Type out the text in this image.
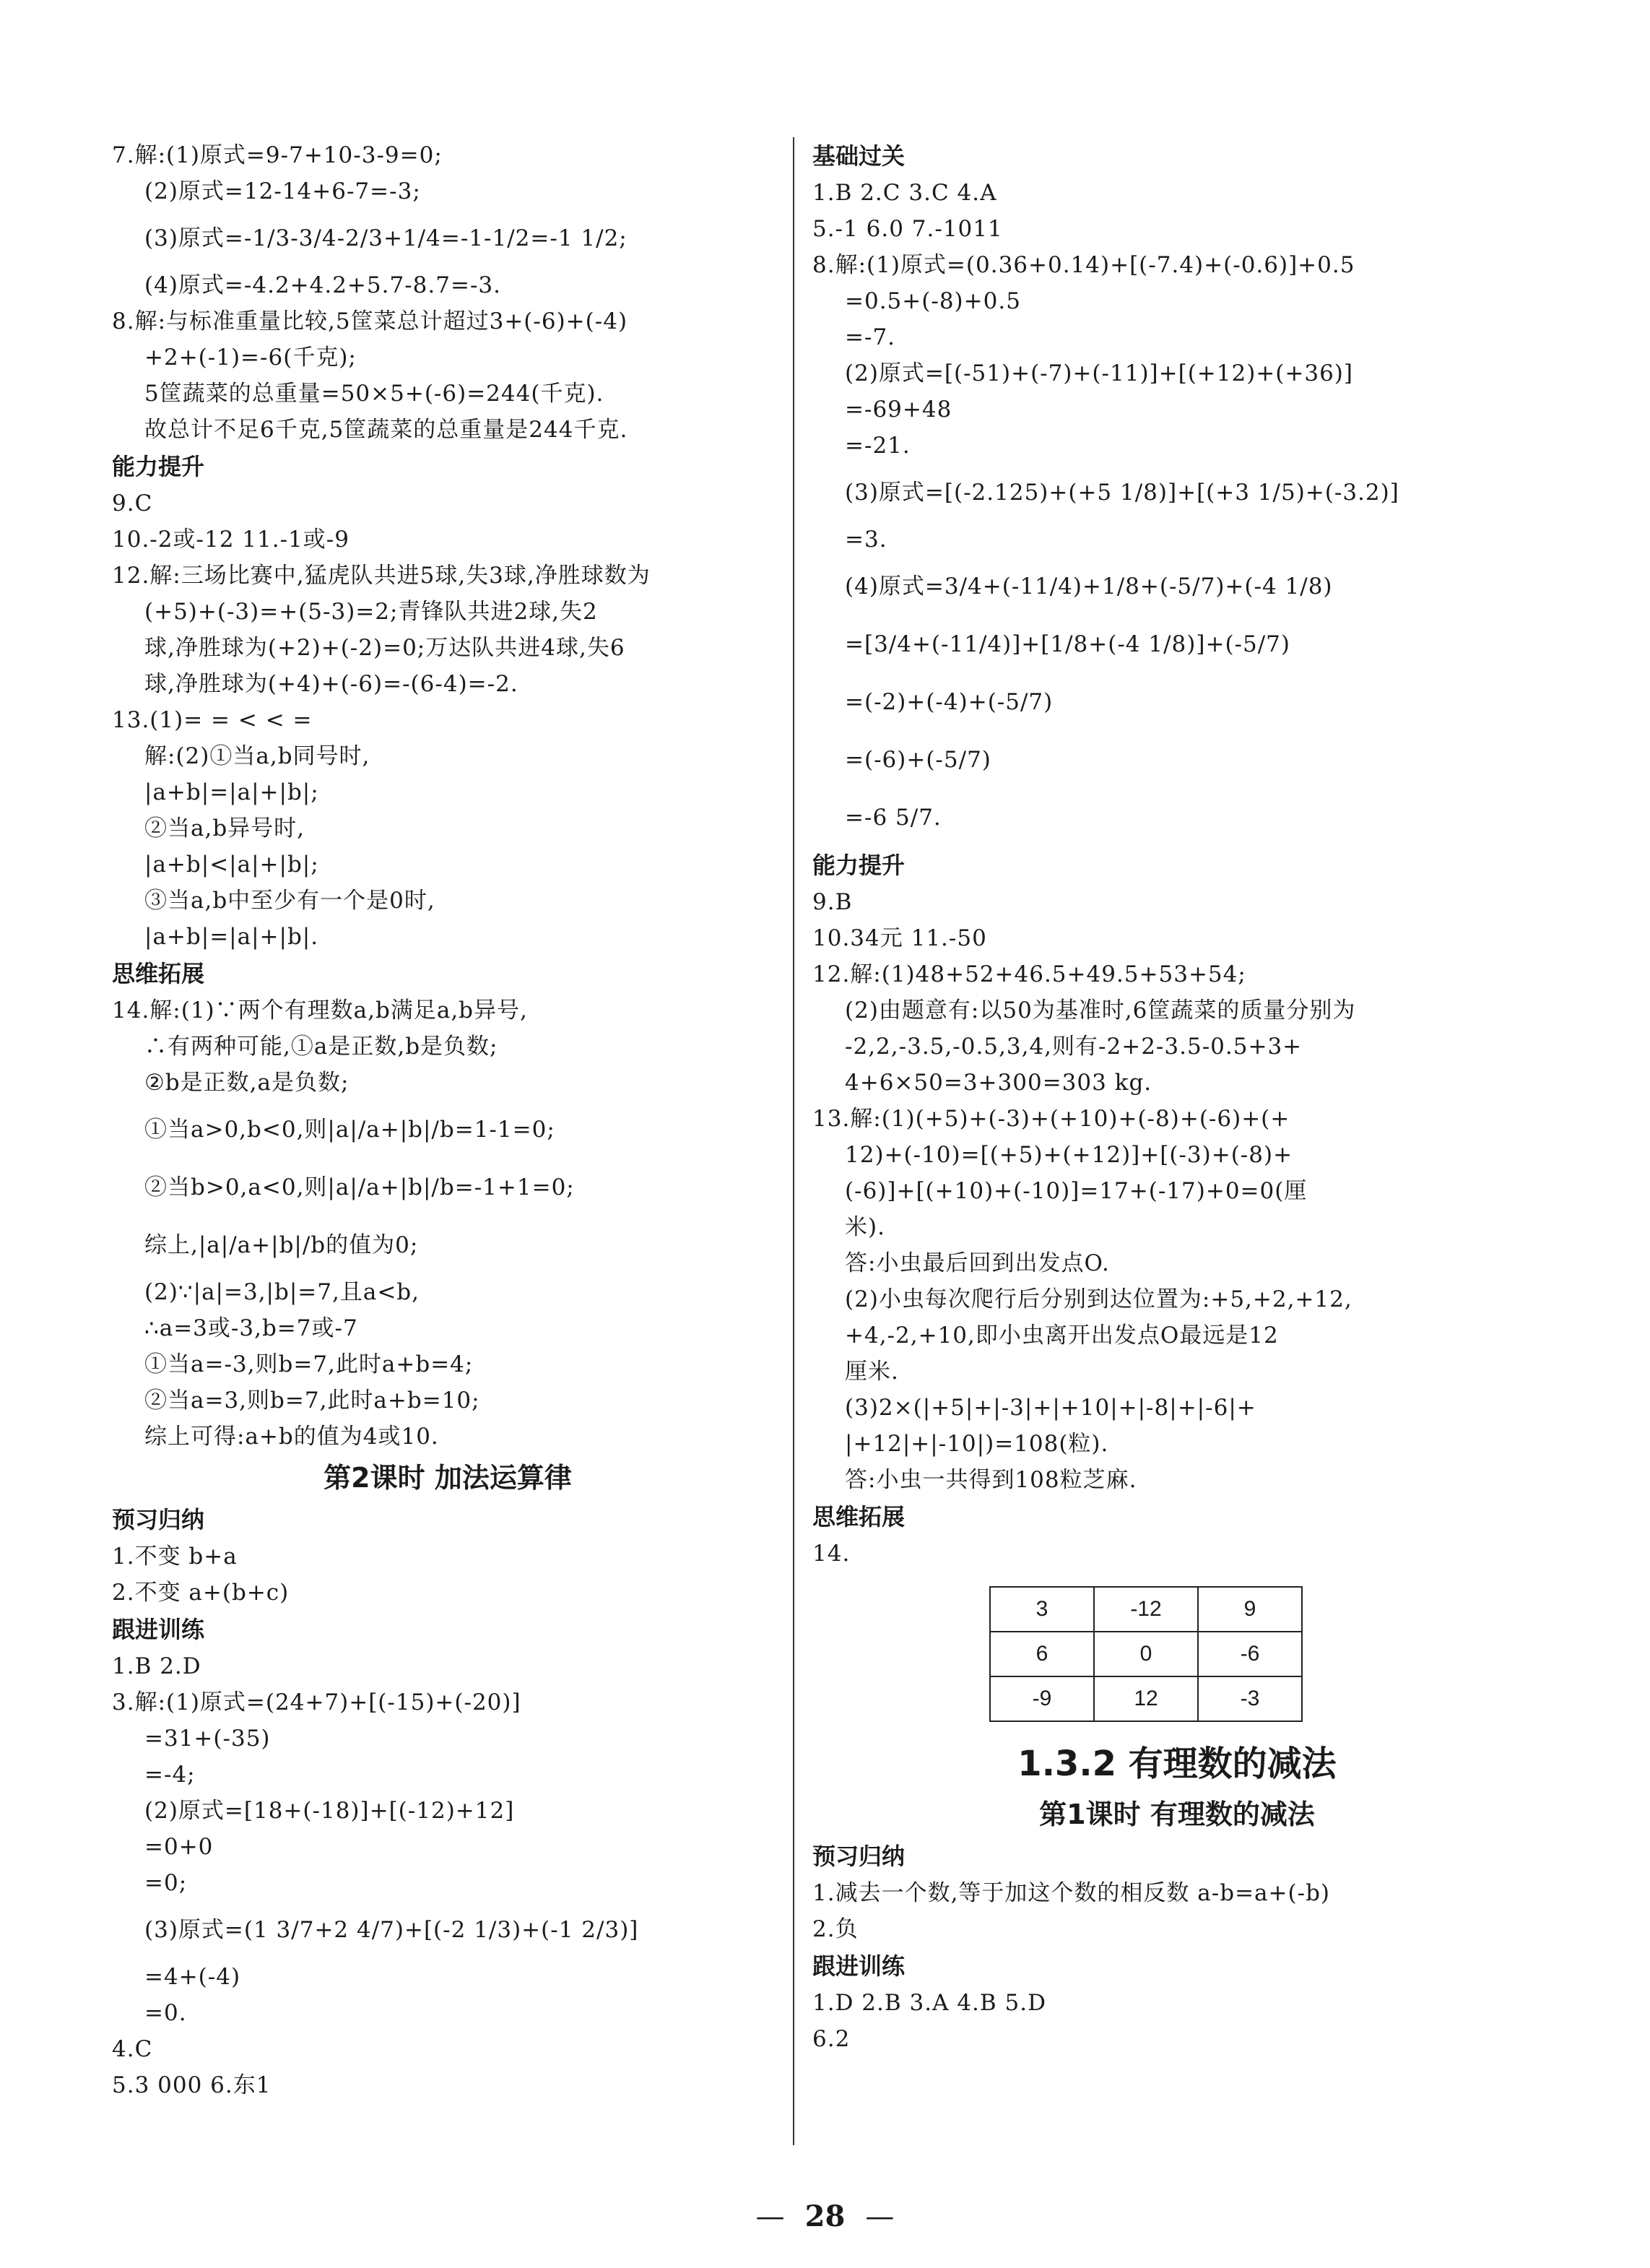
7.解:(1)原式=9-7+10-3-9=0;
(2)原式=12-14+6-7=-3;
(3)原式=-1/3-3/4-2/3+1/4=-1-1/2=-1 1/2;
(4)原式=-4.2+4.2+5.7-8.7=-3.
8.解:与标准重量比较,5筐菜总计超过3+(-6)+(-4)
+2+(-1)=-6(千克);
5筐蔬菜的总重量=50×5+(-6)=244(千克).
故总计不足6千克,5筐蔬菜的总重量是244千克.
能力提升
9.C
10.-2或-12 11.-1或-9
12.解:三场比赛中,猛虎队共进5球,失3球,净胜球数为
(+5)+(-3)=+(5-3)=2;青锋队共进2球,失2
球,净胜球为(+2)+(-2)=0;万达队共进4球,失6
球,净胜球为(+4)+(-6)=-(6-4)=-2.
13.(1)= = < < =
解:(2)①当a,b同号时,
|a+b|=|a|+|b|;
②当a,b异号时,
|a+b|<|a|+|b|;
③当a,b中至少有一个是0时,
|a+b|=|a|+|b|.
思维拓展
14.解:(1)∵两个有理数a,b满足a,b异号,
∴有两种可能,①a是正数,b是负数;
②b是正数,a是负数;
①当a>0,b<0,则|a|/a+|b|/b=1-1=0;
②当b>0,a<0,则|a|/a+|b|/b=-1+1=0;
综上,|a|/a+|b|/b的值为0;
(2)∵|a|=3,|b|=7,且a<b,
∴a=3或-3,b=7或-7
①当a=-3,则b=7,此时a+b=4;
②当a=3,则b=7,此时a+b=10;
综上可得:a+b的值为4或10.
第2课时 加法运算律
预习归纳
1.不变 b+a
2.不变 a+(b+c)
跟进训练
1.B 2.D
3.解:(1)原式=(24+7)+[(-15)+(-20)]
=31+(-35)
=-4;
(2)原式=[18+(-18)]+[(-12)+12]
=0+0
=0;
(3)原式=(1 3/7+2 4/7)+[(-2 1/3)+(-1 2/3)]
=4+(-4)
=0.
4.C
5.3 000 6.东1
基础过关
1.B 2.C 3.C 4.A
5.-1 6.0 7.-1011
8.解:(1)原式=(0.36+0.14)+[(-7.4)+(-0.6)]+0.5
=0.5+(-8)+0.5
=-7.
(2)原式=[(-51)+(-7)+(-11)]+[(+12)+(+36)]
=-69+48
=-21.
(3)原式=[(-2.125)+(+5 1/8)]+[(+3 1/5)+(-3.2)]
=3.
(4)原式=3/4+(-11/4)+1/8+(-5/7)+(-4 1/8)
=[3/4+(-11/4)]+[1/8+(-4 1/8)]+(-5/7)
=(-2)+(-4)+(-5/7)
=(-6)+(-5/7)
=-6 5/7.
能力提升
9.B
10.34元 11.-50
12.解:(1)48+52+46.5+49.5+53+54;
(2)由题意有:以50为基准时,6筐蔬菜的质量分别为
-2,2,-3.5,-0.5,3,4,则有-2+2-3.5-0.5+3+
4+6×50=3+300=303 kg.
13.解:(1)(+5)+(-3)+(+10)+(-8)+(-6)+(+
12)+(-10)=[(+5)+(+12)]+[(-3)+(-8)+
(-6)]+[(+10)+(-10)]=17+(-17)+0=0(厘
米).
答:小虫最后回到出发点O.
(2)小虫每次爬行后分别到达位置为:+5,+2,+12,
+4,-2,+10,即小虫离开出发点O最远是12
厘米.
(3)2×(|+5|+|-3|+|+10|+|-8|+|-6|+
|+12|+|-10|)=108(粒).
答:小虫一共得到108粒芝麻.
思维拓展
14.
3	-12	9
6	0	-6
-9	12	-3
1.3.2 有理数的减法
第1课时 有理数的减法
预习归纳
1.减去一个数,等于加这个数的相反数 a-b=a+(-b)
2.负
跟进训练
1.D 2.B 3.A 4.B 5.D
6.2
— 28 —
